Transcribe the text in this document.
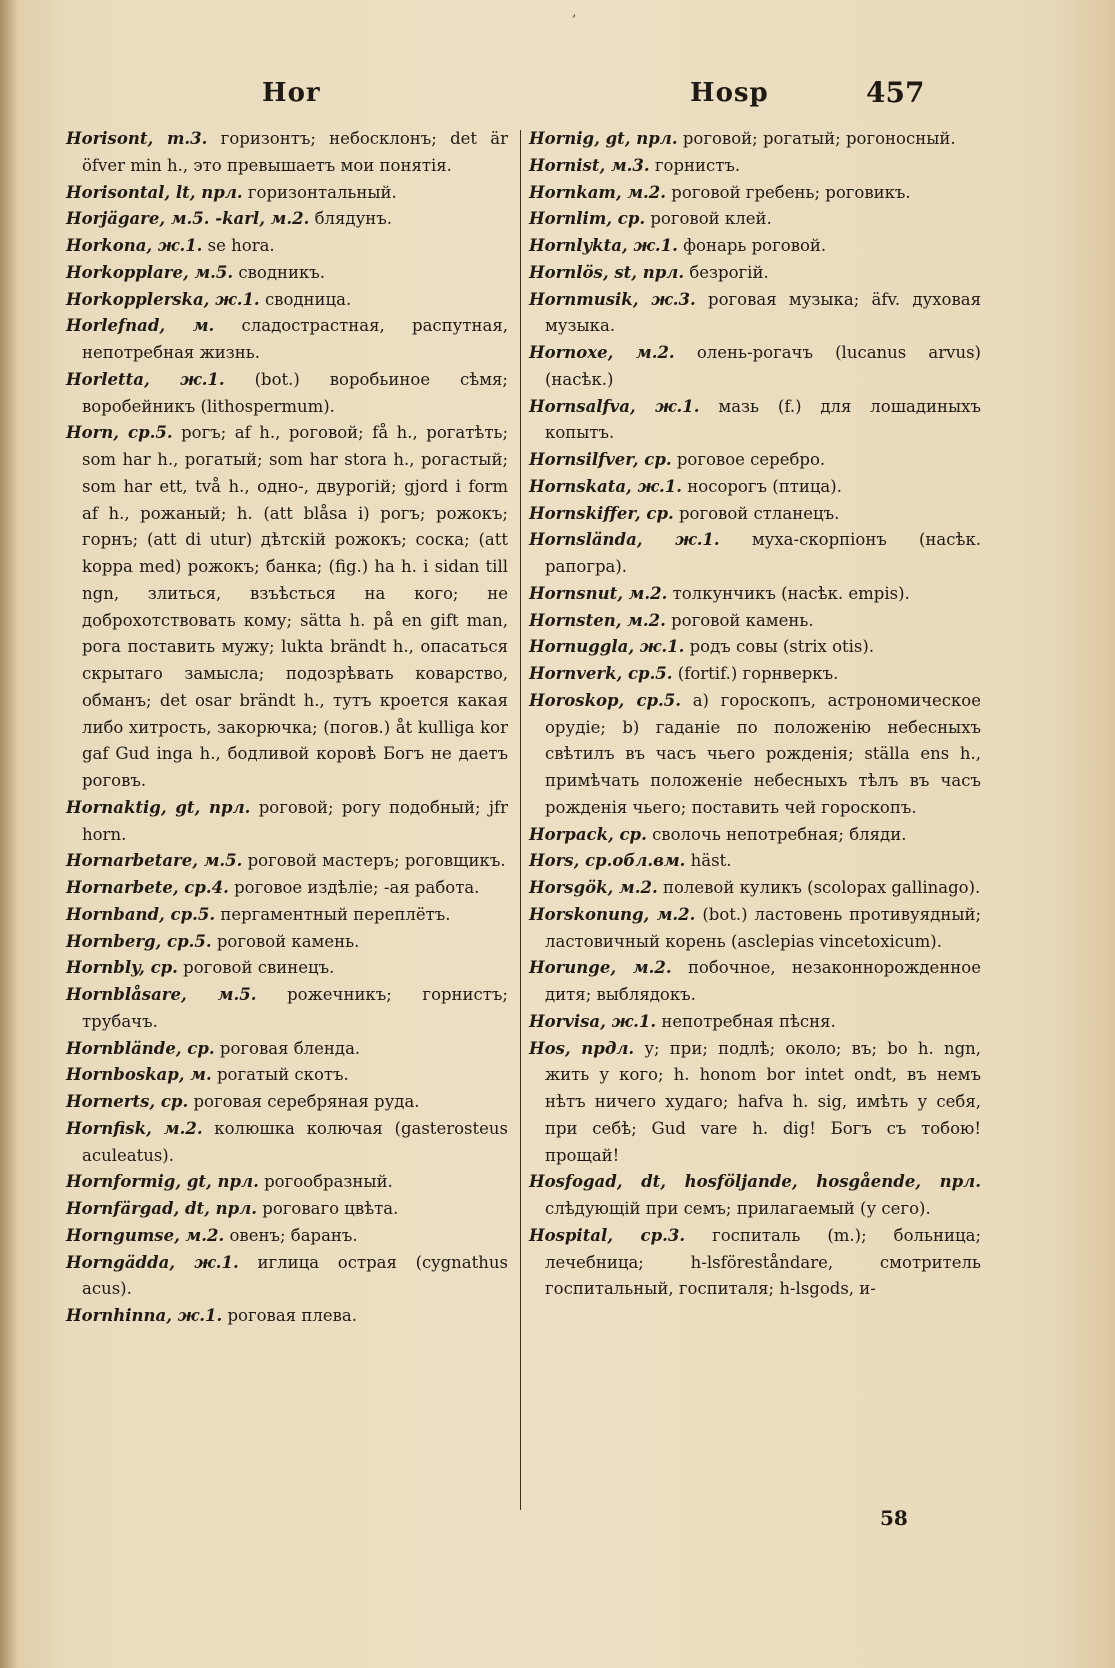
‚
Hor	Hosp	457

Horisont, m.3. горизонтъ; небосклонъ; det är öfver min h., это превышаетъ мои понятія.

Horisontal, lt, прл. горизонтальный.

Horjägare, м.5. -karl, м.2. блядунъ.

Horkona, ж.1. se hora.

Horkopplare, м.5. сводникъ.

Horkopplerska, ж.1. сводница.

Horlefnad, м. сладострастная, распутная, непотребная жизнь.

Horletta, ж.1. (bot.) воробьиное сѣмя; воробейникъ (lithospermum).

Horn, ср.5. рогъ; af h., роговой; få h., рогатѣть; som har h., рогатый; som har stora h., рогастый; som har ett, två h., одно-, двурогій; gjord i form af h., рожаный; h. (att blåsa i) рогъ; рожокъ; горнъ; (att di utur) дѣтскій рожокъ; соска; (att koppa med) рожокъ; банка; (fig.) ha h. i sidan till ngn, злиться, взъѣсться на кого; не доброхотствовать кому; sätta h. på en gift man, рога поставить мужу; lukta brändt h., опасаться скрытаго замысла; подозрѣвать коварство, обманъ; det osar brändt h., тутъ кроется какая либо хитрость, закорючка; (погов.) åt kulliga kor gaf Gud inga h., бодливой коровѣ Богъ не даетъ роговъ.

Hornaktig, gt, прл. роговой; рогу подобный; jfr horn.

Hornarbetare, м.5. роговой мастеръ; роговщикъ.

Hornarbete, ср.4. роговое издѣліе; -ая работа.

Hornband, ср.5. пергаментный переплётъ.

Hornberg, ср.5. роговой камень.

Hornbly, ср. роговой свинецъ.

Hornblåsare, м.5. рожечникъ; горнистъ; трубачъ.

Hornblände, ср. роговая бленда.

Hornboskap, м. рогатый скотъ.

Hornerts, ср. роговая серебряная руда.

Hornfisk, м.2. колюшка колючая (gasterosteus aculeatus).

Hornformig, gt, прл. рогообразный.

Hornfärgad, dt, прл. роговаго цвѣта.

Horngumse, м.2. овенъ; баранъ.

Horngädda, ж.1. иглица острая (cygnathus acus).

Hornhinna, ж.1. роговая плева.

Hornig, gt, прл. роговой; рогатый; рогоносный.

Hornist, м.3. горнистъ.

Hornkam, м.2. роговой гребень; роговикъ.

Hornlim, ср. роговой клей.

Hornlykta, ж.1. фонарь роговой.

Hornlös, st, прл. безрогій.

Hornmusik, ж.3. роговая музыка; äfv. духовая музыка.

Hornoxe, м.2. олень-рогачъ (lucanus arvus) (насѣк.)

Hornsalfva, ж.1. мазь (f.) для лошадиныхъ копытъ.

Hornsilfver, ср. роговое серебро.

Hornskata, ж.1. носорогъ (птица).

Hornskiffer, ср. роговой стланецъ.

Hornslända, ж.1. муха-скорпіонъ (насѣк. рапогра).

Hornsnut, м.2. толкунчикъ (насѣк. empis).

Hornsten, м.2. роговой камень.

Hornuggla, ж.1. родъ совы (strix otis).

Hornverk, ср.5. (fortif.) горнверкъ.

Horoskop, ср.5. а) гороскопъ, астрономическое орудіе; b) гаданіе по положенію небесныхъ свѣтилъ въ часъ чьего рожденія; ställa ens h., примѣчать положеніе небесныхъ тѣлъ въ часъ рожденія чьего; поставить чей гороскопъ.

Horpack, ср. сволочь непотребная; бляди.

Hors, ср.обл.вм. häst.

Horsgök, м.2. полевой куликъ (scolopax gallinago).

Horskonung, м.2. (bot.) ластовень противуядный; ластовичный корень (asclepias vincetoxicum).

Horunge, м.2. побочное, незаконнорожденное дитя; выблядокъ.

Horvisa, ж.1. непотребная пѣсня.

Hos, прдл. у; при; подлѣ; около; въ; bo h. ngn, жить у кого; h. honom bor intet ondt, въ немъ нѣтъ ничего худаго; hafva h. sig, имѣть у себя, при себѣ; Gud vare h. dig! Богъ съ тобою! прощай!

Hosfogad, dt, hosföljande, hosgående, прл. слѣдующій при семъ; прилагаемый (у сего).

Hospital, ср.3. госпиталь (m.); больница; лечебница; h-lsföreståndare, смотритель госпитальный, госпиталя; h-lsgods, и-

58
